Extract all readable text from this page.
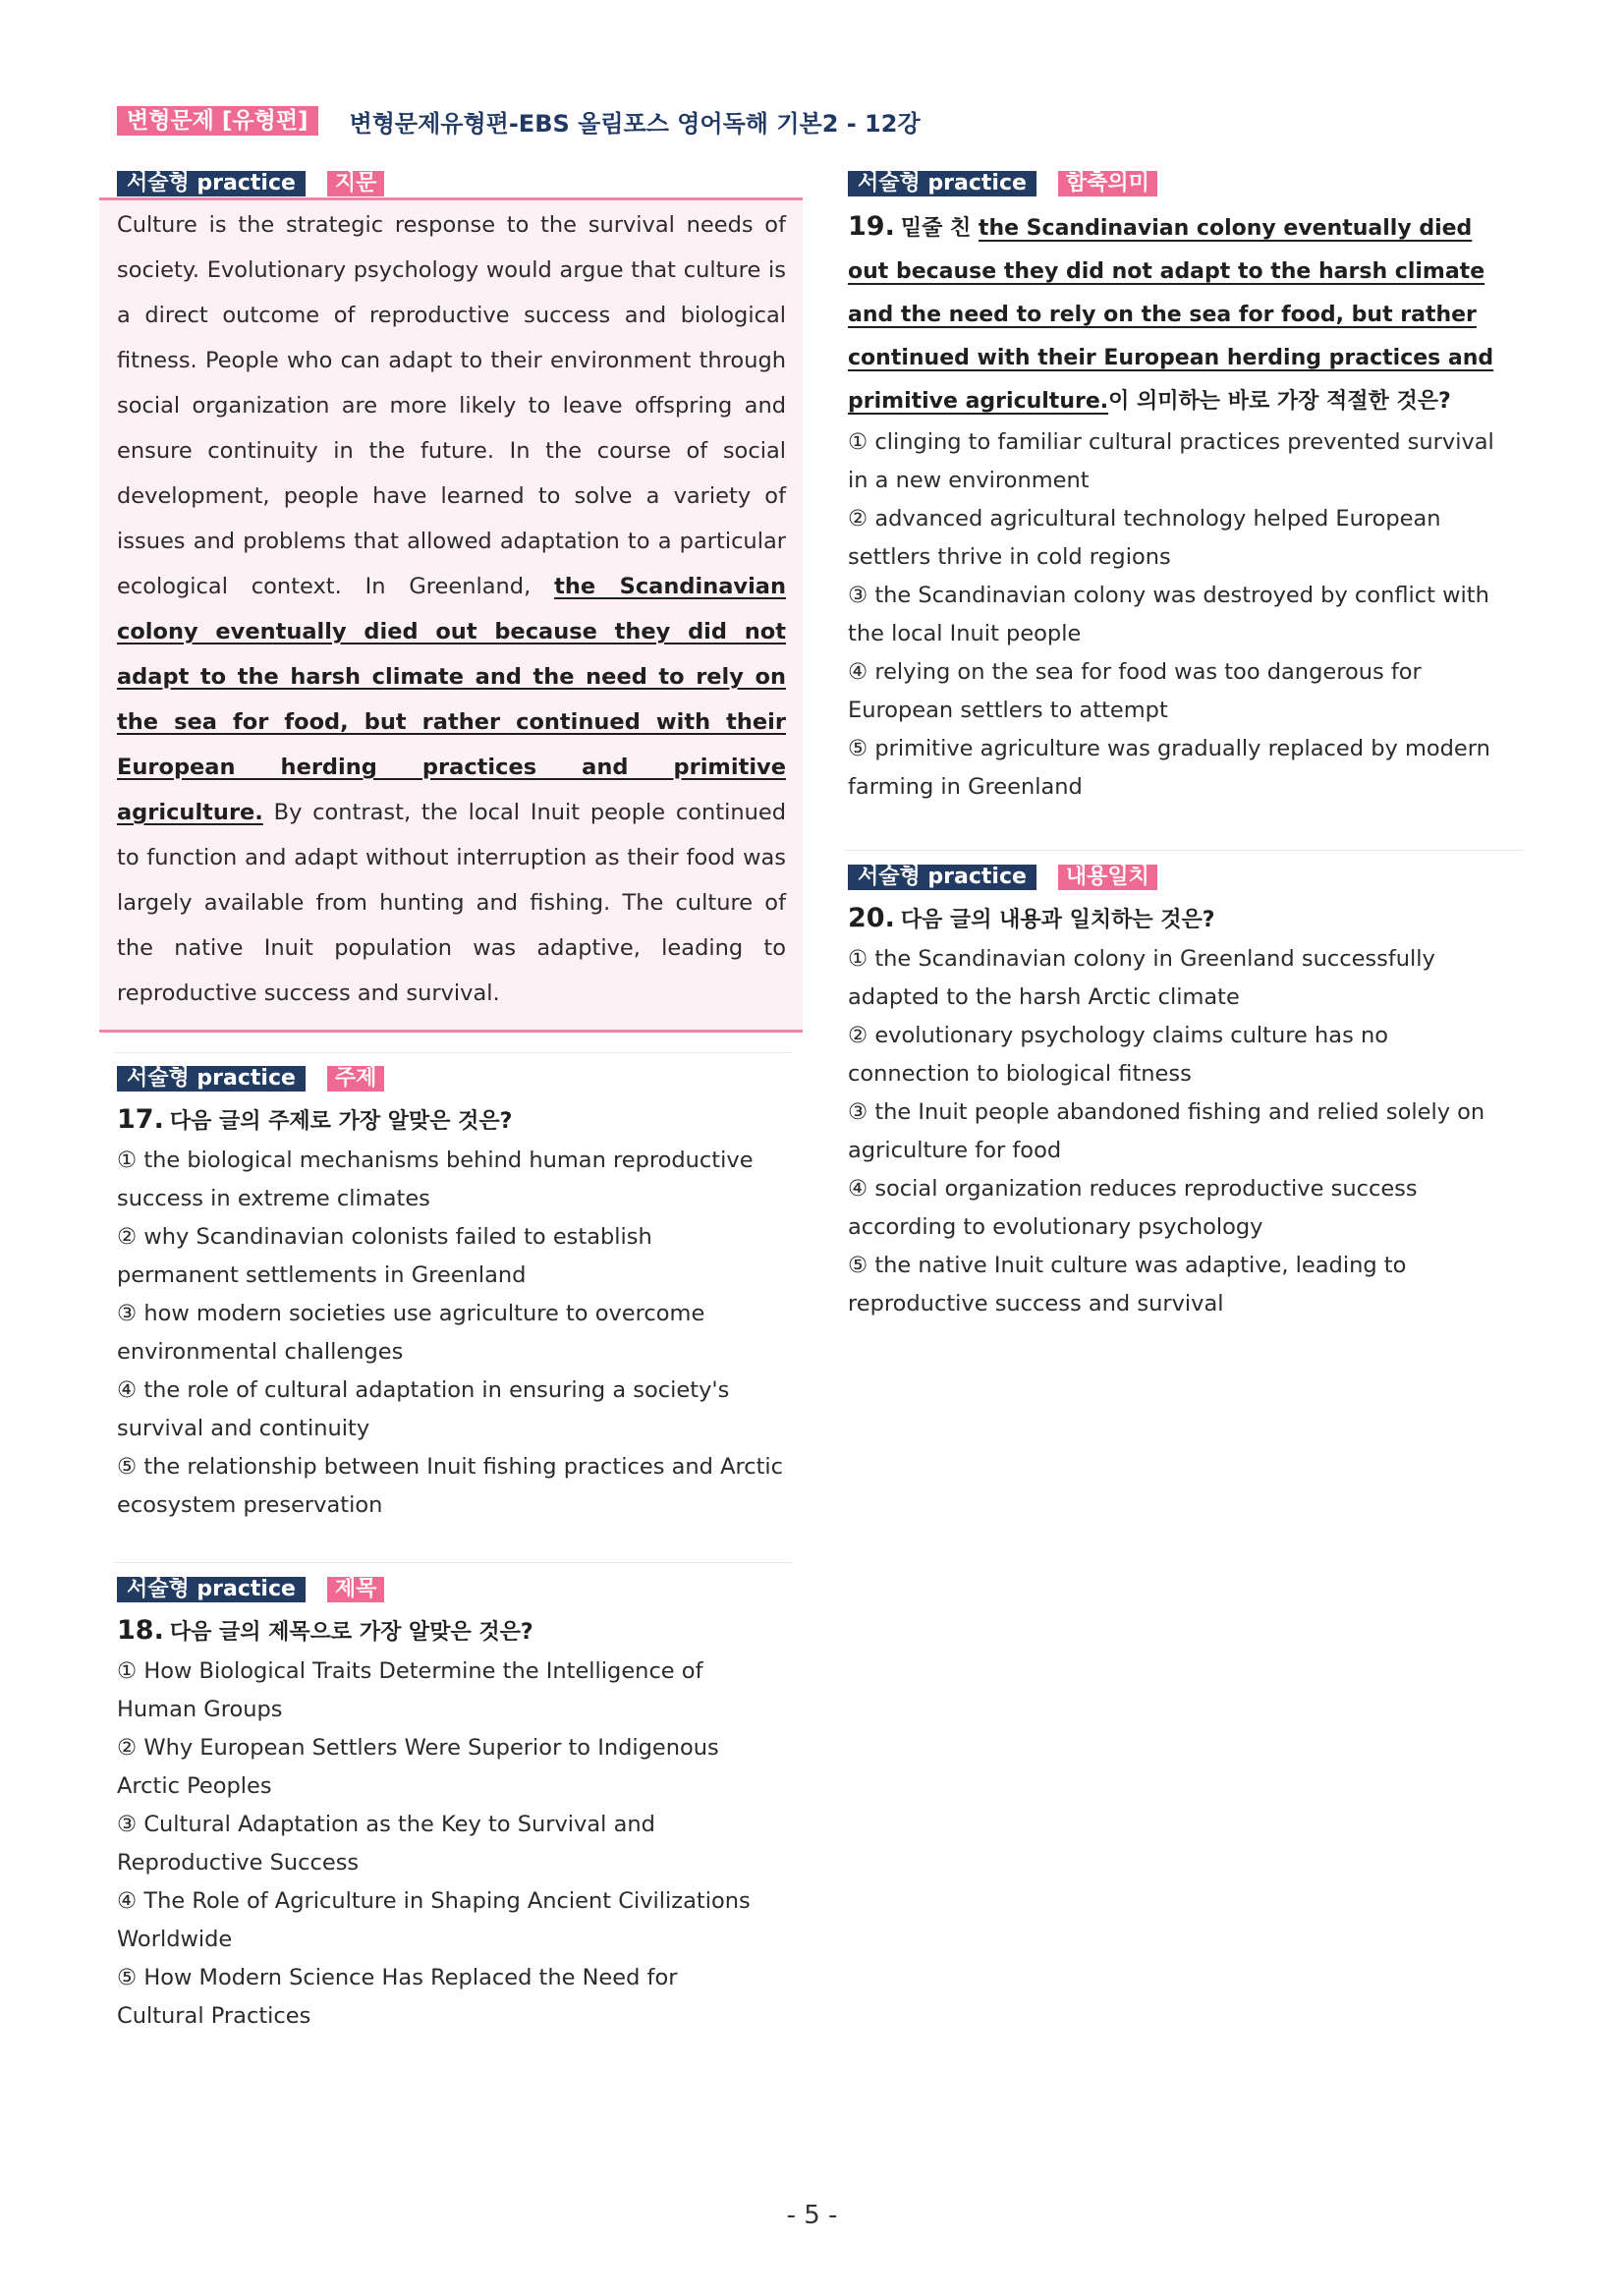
변형문제 [유형편]	변형문제유형편-EBS 올림포스 영어독해 기본2 - 12강
서술형 practice	지문
Culture is the strategic response to the survival needs of society. Evolutionary psychology would argue that culture is a direct outcome of reproductive success and biological fitness. People who can adapt to their environment through social organization are more likely to leave offspring and ensure continuity in the future. In the course of social development, people have learned to solve a variety of issues and problems that allowed adaptation to a particular ecological context. In Greenland, the Scandinavian colony eventually died out because they did not adapt to the harsh climate and the need to rely on the sea for food, but rather continued with their European herding practices and primitive agriculture. By contrast, the local Inuit people continued to function and adapt without interruption as their food was largely available from hunting and fishing. The culture of the native Inuit population was adaptive, leading to reproductive success and survival.
서술형 practice	주제
17. 다음 글의 주제로 가장 알맞은 것은?
① the biological mechanisms behind human reproductive success in extreme climates
② why Scandinavian colonists failed to establish permanent settlements in Greenland
③ how modern societies use agriculture to overcome environmental challenges
④ the role of cultural adaptation in ensuring a society's survival and continuity
⑤ the relationship between Inuit fishing practices and Arctic ecosystem preservation
서술형 practice	제목
18. 다음 글의 제목으로 가장 알맞은 것은?
① How Biological Traits Determine the Intelligence of Human Groups
② Why European Settlers Were Superior to Indigenous Arctic Peoples
③ Cultural Adaptation as the Key to Survival and Reproductive Success
④ The Role of Agriculture in Shaping Ancient Civilizations Worldwide
⑤ How Modern Science Has Replaced the Need for Cultural Practices
서술형 practice	함축의미
19. 밑줄 친 the Scandinavian colony eventually died out because they did not adapt to the harsh climate and the need to rely on the sea for food, but rather continued with their European herding practices and primitive agriculture.이 의미하는 바로 가장 적절한 것은?
① clinging to familiar cultural practices prevented survival in a new environment
② advanced agricultural technology helped European settlers thrive in cold regions
③ the Scandinavian colony was destroyed by conflict with the local Inuit people
④ relying on the sea for food was too dangerous for European settlers to attempt
⑤ primitive agriculture was gradually replaced by modern farming in Greenland
서술형 practice	내용일치
20. 다음 글의 내용과 일치하는 것은?
① the Scandinavian colony in Greenland successfully adapted to the harsh Arctic climate
② evolutionary psychology claims culture has no connection to biological fitness
③ the Inuit people abandoned fishing and relied solely on agriculture for food
④ social organization reduces reproductive success according to evolutionary psychology
⑤ the native Inuit culture was adaptive, leading to reproductive success and survival
- 5 -
